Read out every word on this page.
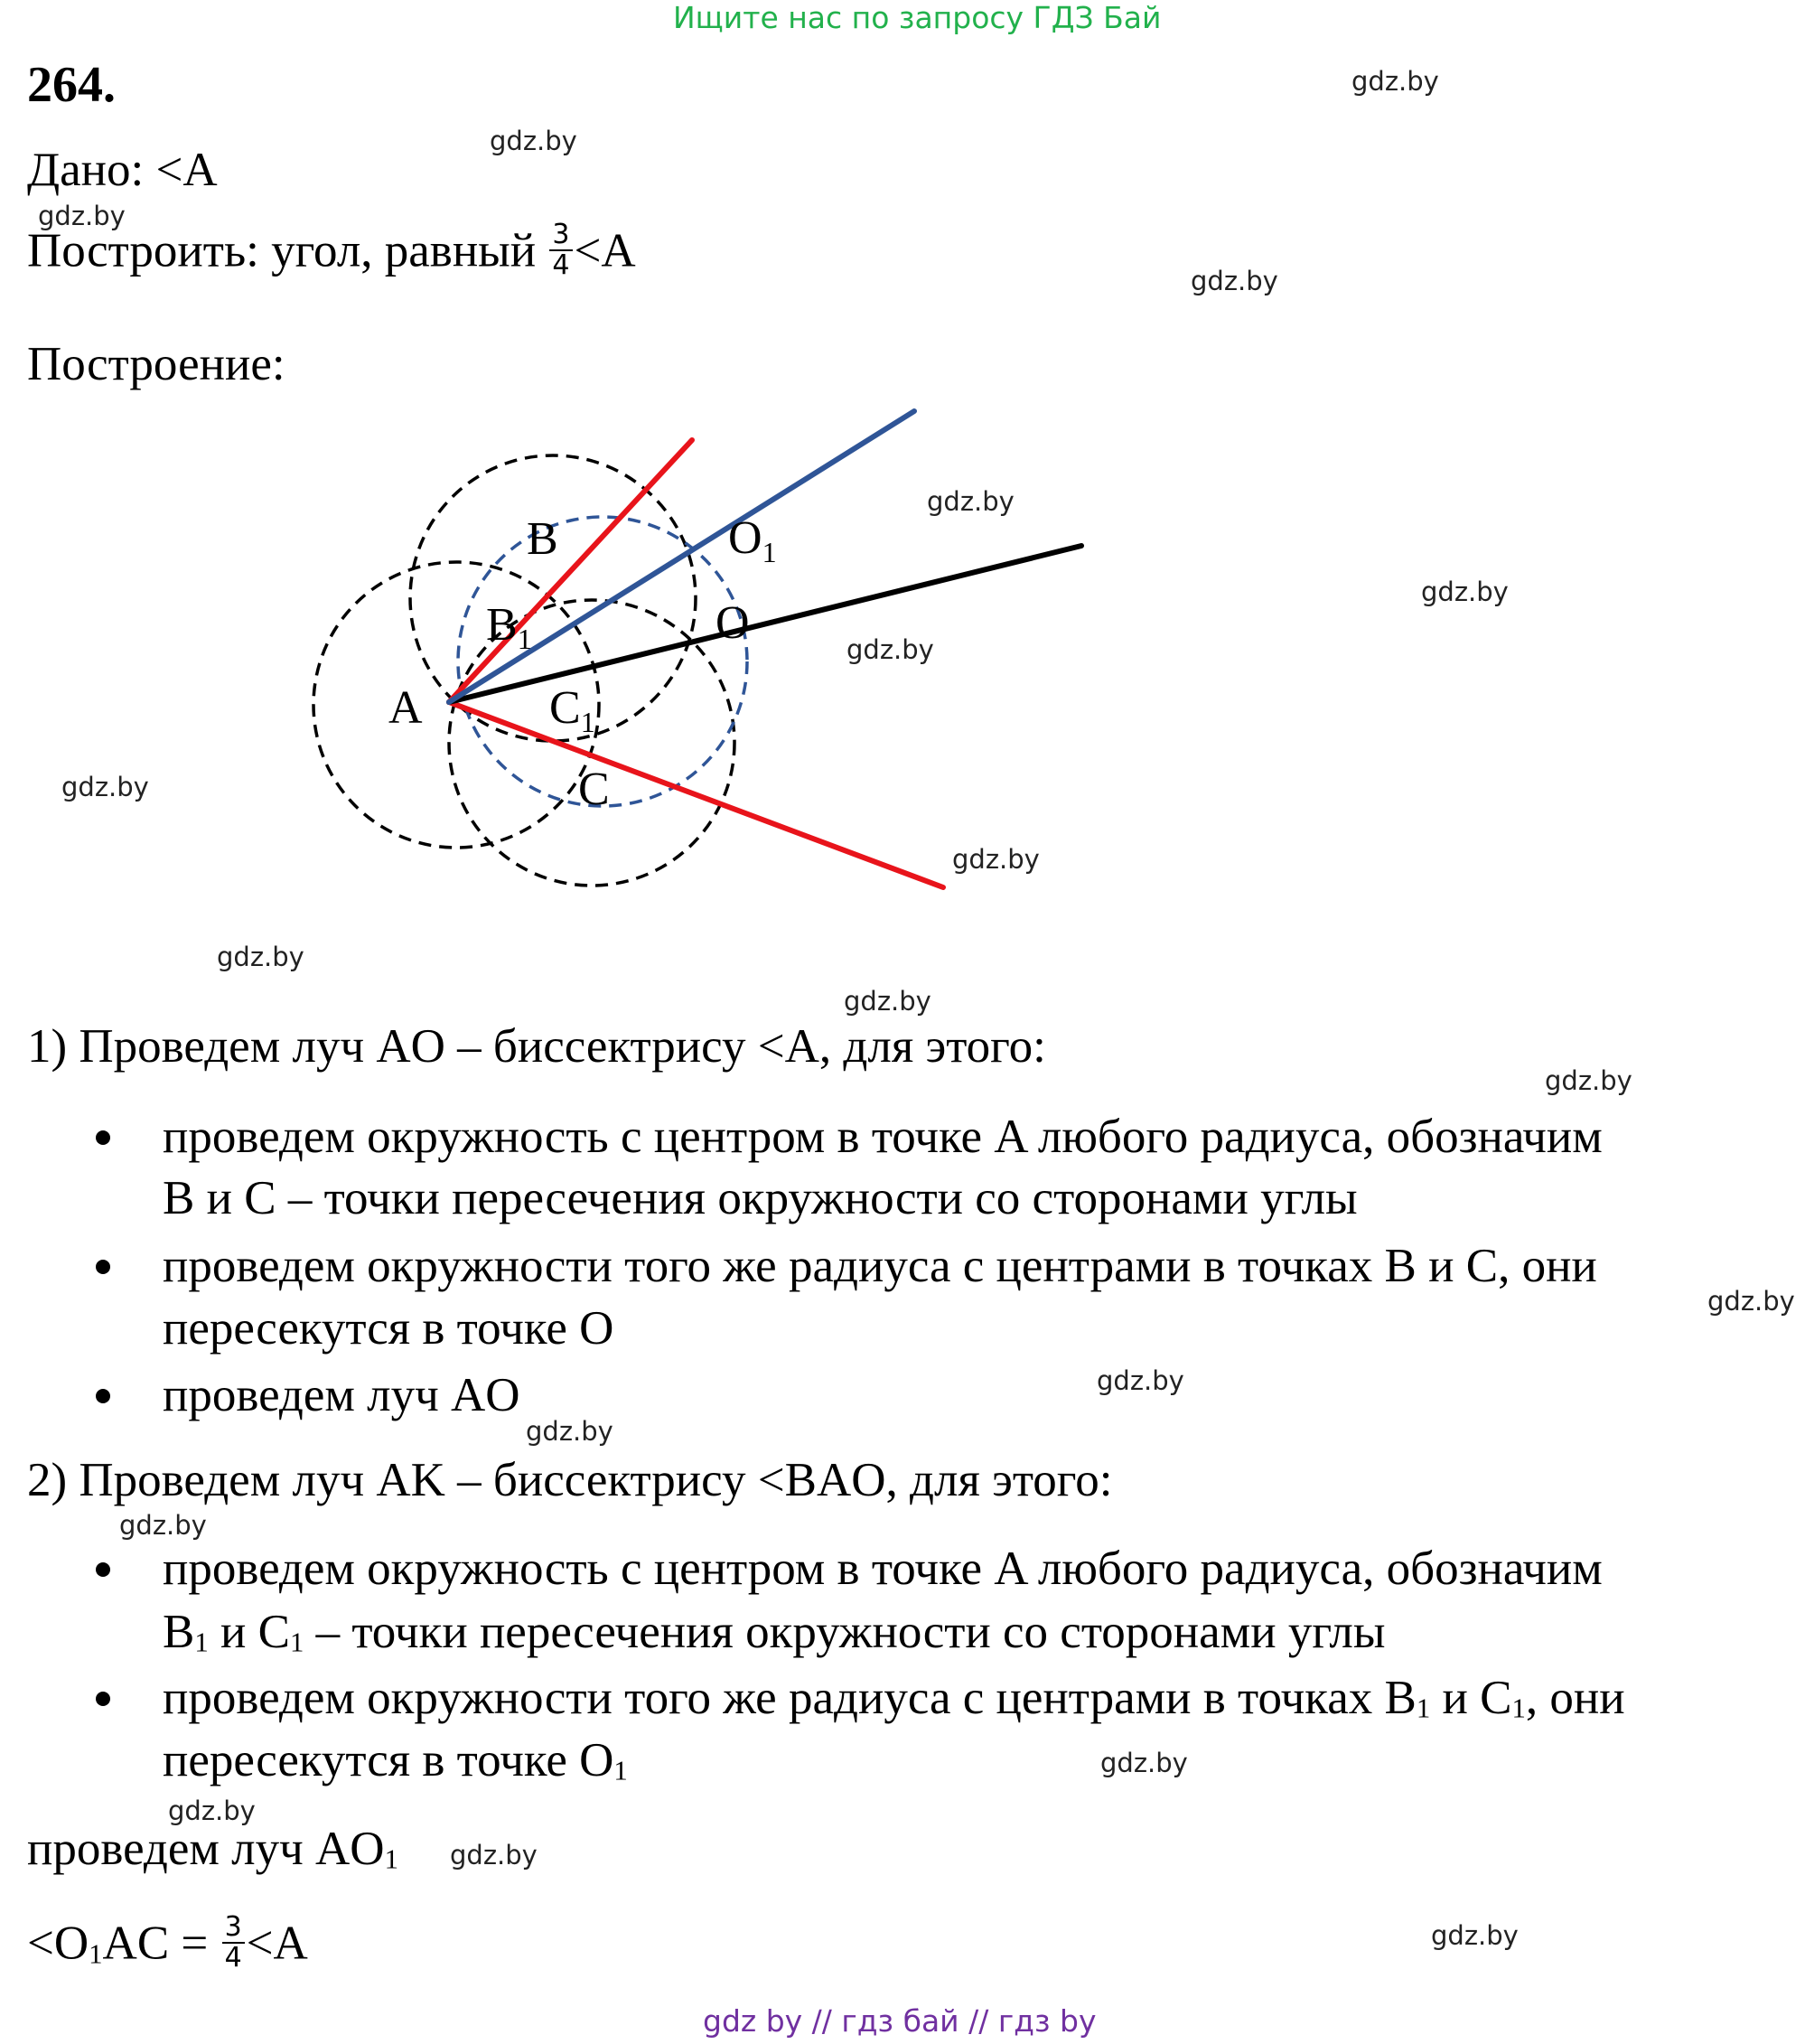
Ищите нас по запросу ГДЗ Бай
264.
Дано: <A
Построить: угол, равный $\frac{3}{4} <A$
Построение:
A
B
B1
C
C1
O
O1
1) Проведем луч AO – биссектрису <A, для этого:
проведем окружность с центром в точке A любого радиуса, обозначим
B и C – точки пересечения окружности со сторонами углы
проведем окружности того же радиуса с центрами в точках B и C, они
пересекутся в точке O
проведем луч AO
2) Проведем луч AK – биссектрису <BAO, для этого:
проведем окружность с центром в точке A любого радиуса, обозначим
$B_1$ и $C_1$ – точки пересечения окружности со сторонами углы
проведем окружности того же радиуса с центрами в точках $B_1$ и $C_1$, они
пересекутся в точке $O_1$
проведем луч $AO_1$
$<O_1AC = \frac{3}{4} <A$
gdz.by
gdz.by
gdz.by
gdz.by
gdz.by
gdz.by
gdz.by
gdz.by
gdz.by
gdz.by
gdz.by
gdz.by
gdz.by
gdz.by
gdz.by
gdz.by
gdz.by
gdz.by
gdz.by
gdz.by
gdz by // гдз бай // гдз by
